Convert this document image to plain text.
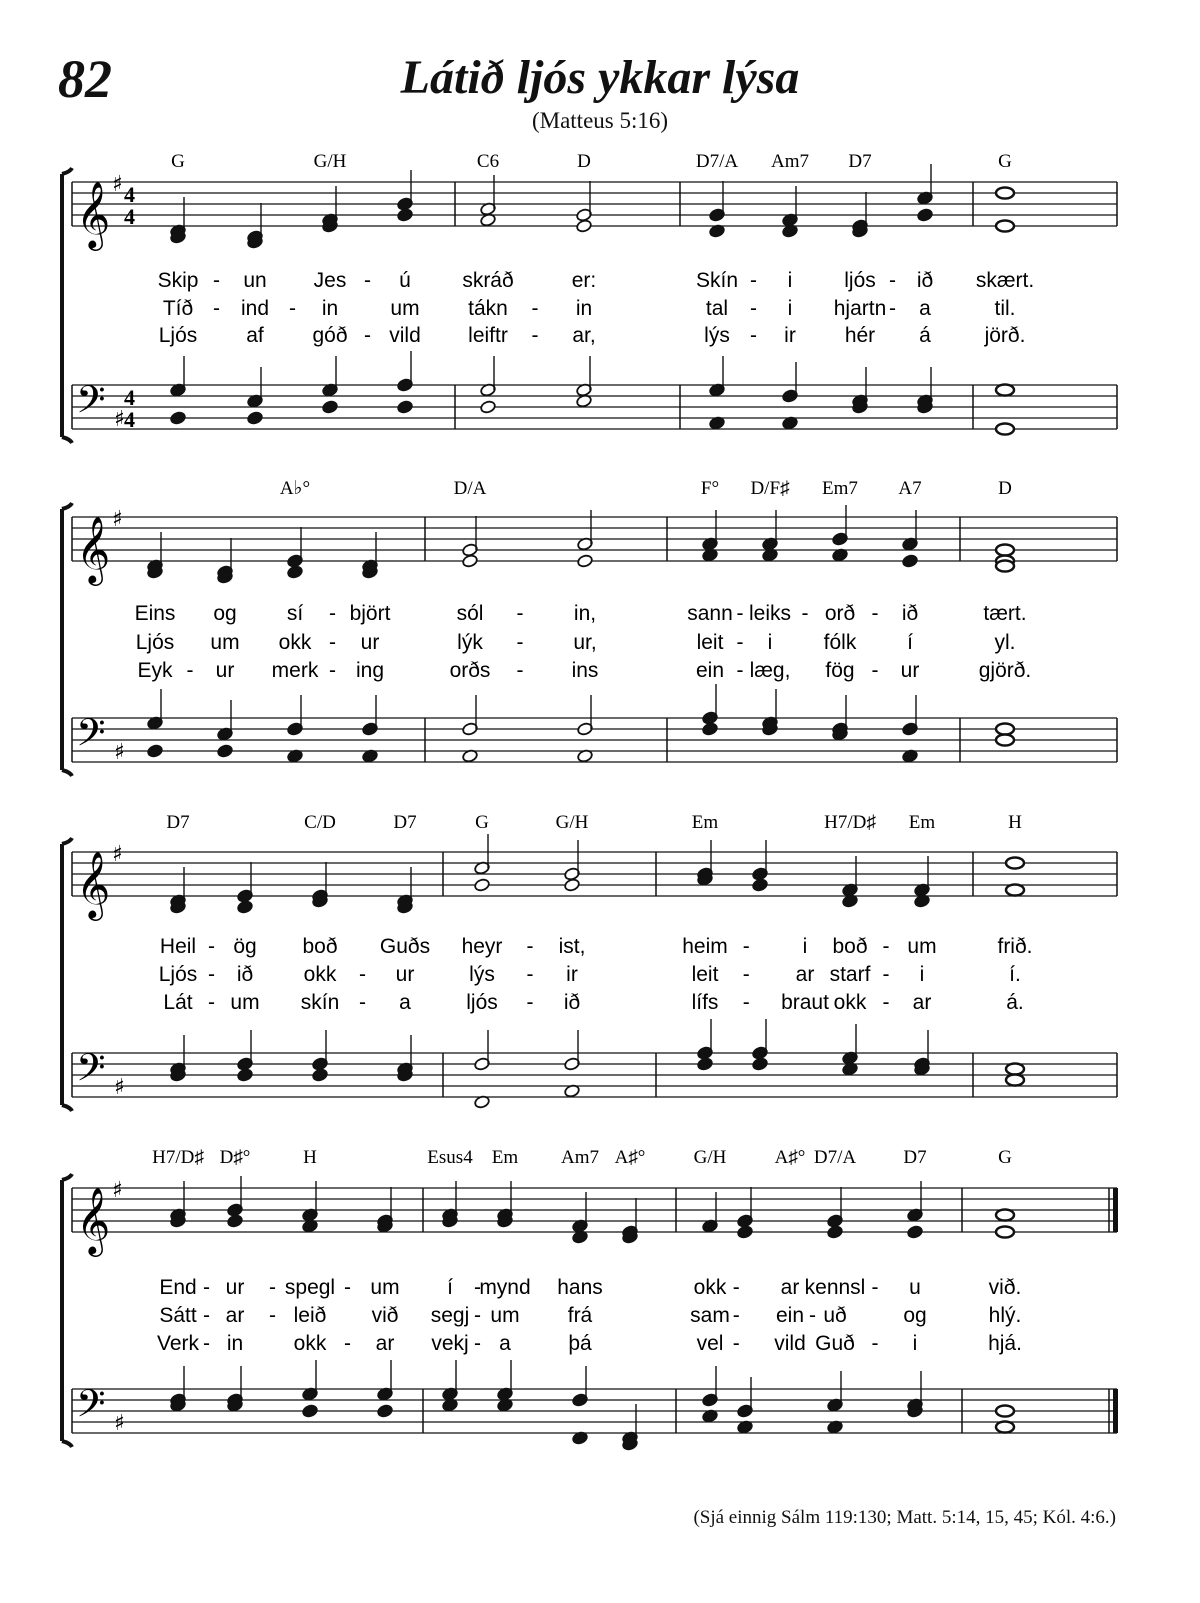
82	Látið ljós ykkar lýsa
(Matteus 5:16)
𝄞 ♯ 4
4
𝄢 ♯
4
4
𝄞 ♯
𝄢 ♯
𝄞 ♯
𝄢 ♯
𝄞 ♯
𝄢 ♯
G	G/H	C6	D	D7/A Am7 D7	G
Skip - un Jes - ú skráð	er:	Skín - i ljós - ið skært.
Tíð - ind - in um tákn - in	tal - i hjartn - a	til.
Ljós af góð - vild leiftr - ar,	lýs - ir hér á	jörð.
A♭°	D/A	F° D/F♯ Em7 A7	D
Eins og sí - björt	sól - in,	sann - leiks - orð - ið	tært.
Ljós um okk - ur	lýk - ur,	leit - i fólk í	yl.
Eyk - ur merk - ing	orðs - ins	ein - læg, fög - ur	gjörð.
D7	C/D	D7	G	G/H	Em	H7/D♯ Em	H
Heil - ög boð Guðs heyr - ist,	heim -	i boð - um	frið.
Ljós - ið okk - ur	lýs - ir	leit - ar starf - i	í.
Lát - um skín - a	ljós - ið	lífs - braut okk - ar	á.
H7/D♯ D♯°	H	Esus4 Em Am7 A♯°	G/H	A♯° D7/A D7	G
End - ur - spegl - um í -
mynd hans	okk - ar kennsl - u	við.
Sátt - ar - leið við segj - um frá	sam - ein - uð	og	hlý.
Verk - in okk - ar vekj - a	þá	vel - vild Guð - i	hjá.
(Sjá einnig Sálm 119:130; Matt. 5:14, 15, 45; Kól. 4:6.)
